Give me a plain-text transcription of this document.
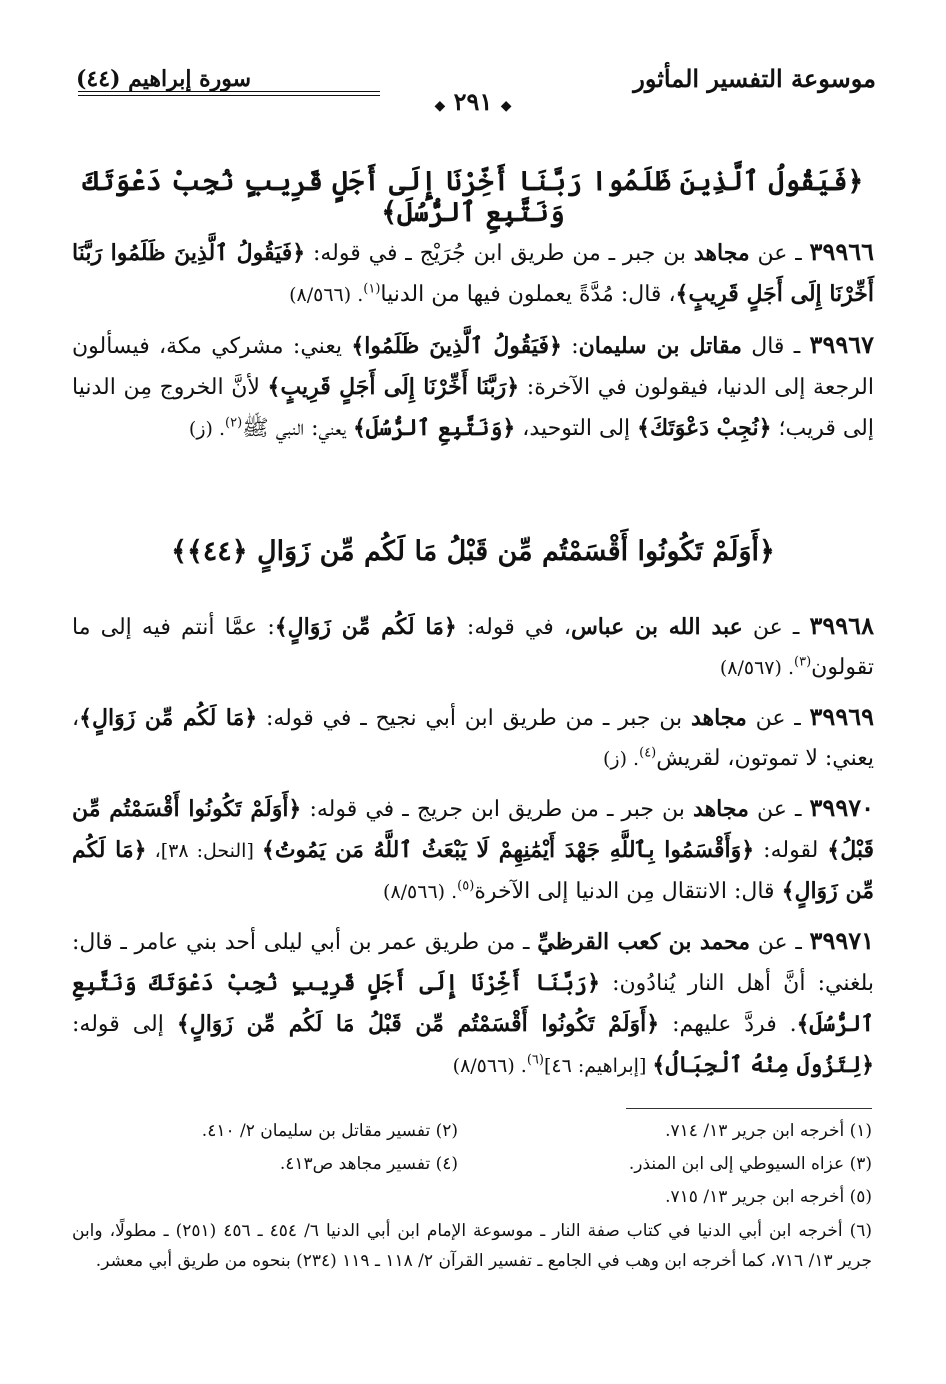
موسوعة التفسير المأثور
سورة إبراهيم (٤٤)
◆ ٢٩١ ◆
﴿فَيَقُولُ ٱلَّذِينَ ظَلَمُوا رَبَّنَا أَخِّرْنَا إِلَى أَجَلٍ قَرِيبٍ نُجِبْ دَعْوَتَكَ وَنَتَّبِعِ ٱلرُّسُلَ﴾
٣٩٩٦٦ ـ عن مجاهد بن جبر ـ من طريق ابن جُرَيْج ـ في قوله: ﴿فَيَقُولُ ٱلَّذِينَ ظَلَمُوا رَبَّنَا أَخِّرْنَا إِلَى أَجَلٍ قَرِيبٍ﴾، قال: مُدَّةً يعملون فيها من الدنيا$^{(١)}$. (٨/٥٦٦)
٣٩٩٦٧ ـ قال مقاتل بن سليمان: ﴿فَيَقُولُ ٱلَّذِينَ ظَلَمُوا﴾ يعني: مشركي مكة، فيسألون الرجعة إلى الدنيا، فيقولون في الآخرة: ﴿رَبَّنَا أَخِّرْنَا إِلَى أَجَلٍ قَرِيبٍ﴾ لأنَّ الخروج مِن الدنيا إلى قريب؛ ﴿نُجِبْ دَعْوَتَكَ﴾ إلى التوحيد، ﴿وَنَتَّبِعِ ٱلرُّسُلَ﴾ يعني: النبي ﷺ$^{(٢)}$. (ز)
﴿أَوَلَمْ تَكُونُوا أَقْسَمْتُم مِّن قَبْلُ مَا لَكُم مِّن زَوَالٍ ﴿٤٤﴾﴾
٣٩٩٦٨ ـ عن عبد الله بن عباس، في قوله: ﴿مَا لَكُم مِّن زَوَالٍ﴾: عمَّا أنتم فيه إلى ما تقولون$^{(٣)}$. (٨/٥٦٧)
٣٩٩٦٩ ـ عن مجاهد بن جبر ـ من طريق ابن أبي نجيح ـ في قوله: ﴿مَا لَكُم مِّن زَوَالٍ﴾، يعني: لا تموتون، لقريش$^{(٤)}$. (ز)
٣٩٩٧٠ ـ عن مجاهد بن جبر ـ من طريق ابن جريج ـ في قوله: ﴿أَوَلَمْ تَكُونُوا أَقْسَمْتُم مِّن قَبْلُ﴾ لقوله: ﴿وَأَقْسَمُوا بِٱللَّهِ جَهْدَ أَيْمَٰنِهِمْ لَا يَبْعَثُ ٱللَّهُ مَن يَمُوتُ﴾ [النحل: ٣٨]، ﴿مَا لَكُم مِّن زَوَالٍ﴾ قال: الانتقال مِن الدنيا إلى الآخرة$^{(٥)}$. (٨/٥٦٦)
٣٩٩٧١ ـ عن محمد بن كعب القرظيِّ ـ من طريق عمر بن أبي ليلى أحد بني عامر ـ قال: بلغني: أنَّ أهل النار يُنادُون: ﴿رَبَّنَا أَخِّرْنَا إِلَى أَجَلٍ قَرِيبٍ نُجِبْ دَعْوَتَكَ وَنَتَّبِعِ ٱلرُّسُلَ﴾. فردَّ عليهم: ﴿أَوَلَمْ تَكُونُوا أَقْسَمْتُم مِّن قَبْلُ مَا لَكُم مِّن زَوَالٍ﴾ إلى قوله: ﴿لِتَزُولَ مِنْهُ ٱلْجِبَالُ﴾ [إبراهيم: ٤٦]$^{(٦)}$. (٨/٥٦٦)
(١) أخرجه ابن جرير ١٣/ ٧١٤.
(٢) تفسير مقاتل بن سليمان ٢/ ٤١٠.
(٣) عزاه السيوطي إلى ابن المنذر.
(٤) تفسير مجاهد ص٤١٣.
(٥) أخرجه ابن جرير ١٣/ ٧١٥.
(٦) أخرجه ابن أبي الدنيا في كتاب صفة النار ـ موسوعة الإمام ابن أبي الدنيا ٦/ ٤٥٤ ـ ٤٥٦ (٢٥١) ـ مطولًا، وابن جرير ١٣/ ٧١٦، كما أخرجه ابن وهب في الجامع ـ تفسير القرآن ٢/ ١١٨ ـ ١١٩ (٢٣٤) بنحوه من طريق أبي معشر.
